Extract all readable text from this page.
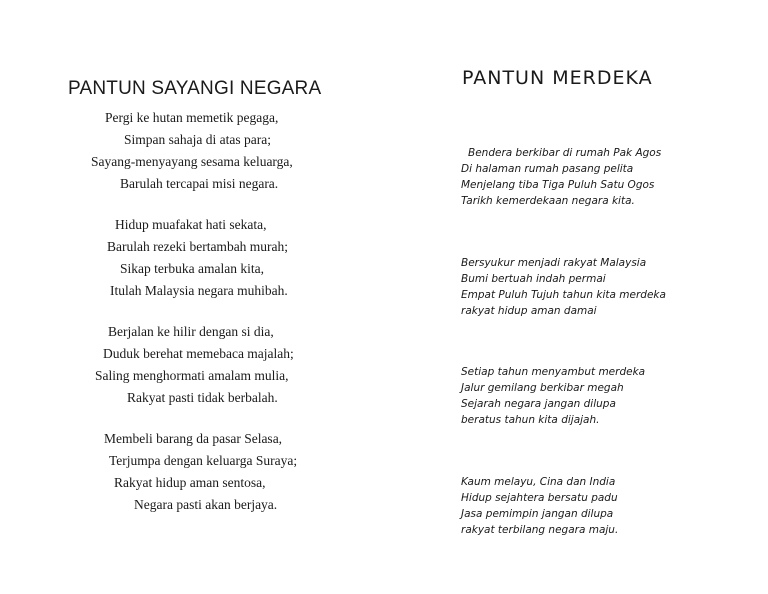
PANTUN SAYANGI NEGARA
Pergi ke hutan memetik pegaga,
Simpan sahaja di atas para;
Sayang-menyayang sesama keluarga,
Barulah tercapai misi negara.
Hidup muafakat hati sekata,
Barulah rezeki bertambah murah;
Sikap terbuka amalan kita,
Itulah Malaysia negara muhibah.
Berjalan ke hilir dengan si dia,
Duduk berehat memebaca majalah;
Saling menghormati amalam mulia,
Rakyat pasti tidak berbalah.
Membeli barang da pasar Selasa,
Terjumpa dengan keluarga Suraya;
Rakyat hidup aman sentosa,
Negara pasti akan berjaya.
PANTUN MERDEKA
Bendera berkibar di rumah Pak Agos
Di halaman rumah pasang pelita
Menjelang tiba Tiga Puluh Satu Ogos
Tarikh kemerdekaan negara kita.
Bersyukur menjadi rakyat Malaysia
Bumi bertuah indah permai
Empat Puluh Tujuh tahun kita merdeka
rakyat hidup aman damai
Setiap tahun menyambut merdeka
Jalur gemilang berkibar megah
Sejarah negara jangan dilupa
beratus tahun kita dijajah.
Kaum melayu, Cina dan India
Hidup sejahtera bersatu padu
Jasa pemimpin jangan dilupa
rakyat terbilang negara maju.
